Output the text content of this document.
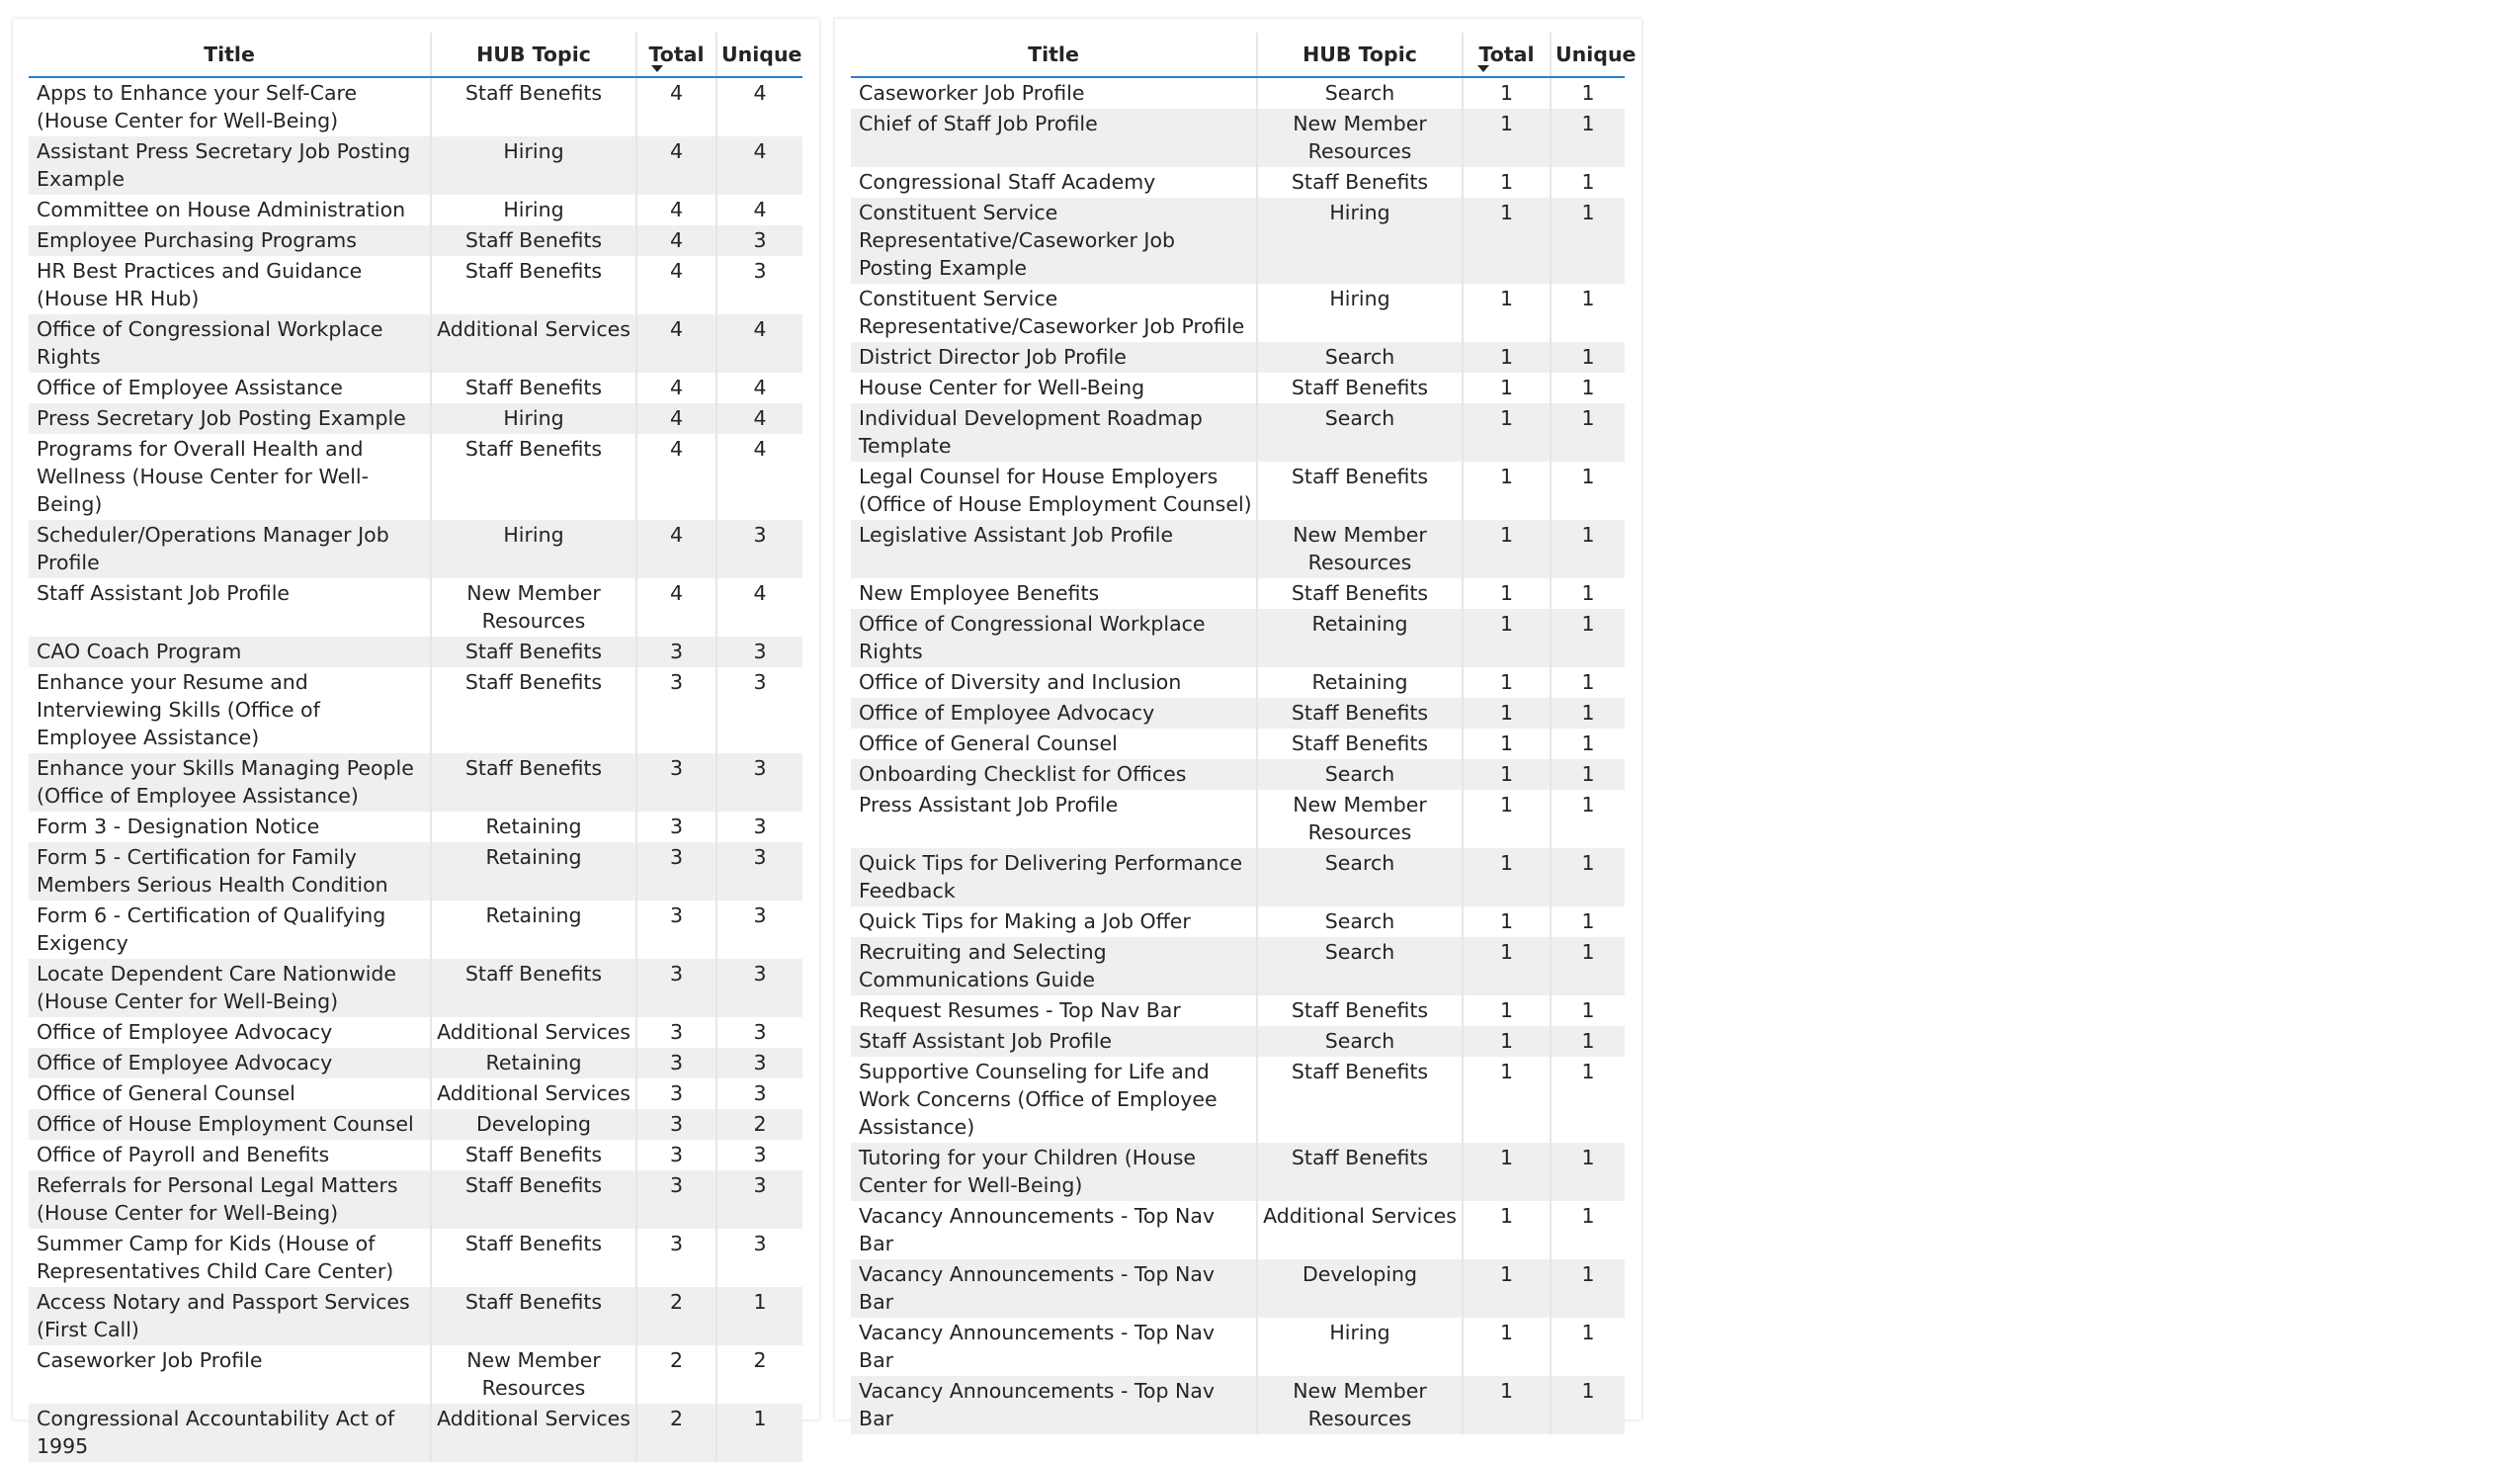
Title	HUB Topic	Total	Unique
Apps to Enhance your Self-Care (House Center for Well-Being)	Staff Benefits	4	4
Assistant Press Secretary Job Posting Example	Hiring	4	4
Committee on House Administration	Hiring	4	4
Employee Purchasing Programs	Staff Benefits	4	3
HR Best Practices and Guidance (House HR Hub)	Staff Benefits	4	3
Office of Congressional Workplace Rights	Additional Services	4	4
Office of Employee Assistance	Staff Benefits	4	4
Press Secretary Job Posting Example	Hiring	4	4
Programs for Overall Health and Wellness (House Center for Well-Being)	Staff Benefits	4	4
Scheduler/Operations Manager Job Profile	Hiring	4	3
Staff Assistant Job Profile	New Member Resources	4	4
CAO Coach Program	Staff Benefits	3	3
Enhance your Resume and Interviewing Skills (Office of Employee Assistance)	Staff Benefits	3	3
Enhance your Skills Managing People (Office of Employee Assistance)	Staff Benefits	3	3
Form 3 - Designation Notice	Retaining	3	3
Form 5 - Certification for Family Members Serious Health Condition	Retaining	3	3
Form 6 - Certification of Qualifying Exigency	Retaining	3	3
Locate Dependent Care Nationwide (House Center for Well-Being)	Staff Benefits	3	3
Office of Employee Advocacy	Additional Services	3	3
Office of Employee Advocacy	Retaining	3	3
Office of General Counsel	Additional Services	3	3
Office of House Employment Counsel	Developing	3	2
Office of Payroll and Benefits	Staff Benefits	3	3
Referrals for Personal Legal Matters (House Center for Well-Being)	Staff Benefits	3	3
Summer Camp for Kids (House of Representatives Child Care Center)	Staff Benefits	3	3
Access Notary and Passport Services (First Call)	Staff Benefits	2	1
Caseworker Job Profile	New Member Resources	2	2
Congressional Accountability Act of 1995	Additional Services	2	1
Title	HUB Topic	Total	Unique
Caseworker Job Profile	Search	1	1
Chief of Staff Job Profile	New Member Resources	1	1
Congressional Staff Academy	Staff Benefits	1	1
Constituent Service Representative/Caseworker Job Posting Example	Hiring	1	1
Constituent Service Representative/Caseworker Job Profile	Hiring	1	1
District Director Job Profile	Search	1	1
House Center for Well-Being	Staff Benefits	1	1
Individual Development Roadmap Template	Search	1	1
Legal Counsel for House Employers (Office of House Employment Counsel)	Staff Benefits	1	1
Legislative Assistant Job Profile	New Member Resources	1	1
New Employee Benefits	Staff Benefits	1	1
Office of Congressional Workplace Rights	Retaining	1	1
Office of Diversity and Inclusion	Retaining	1	1
Office of Employee Advocacy	Staff Benefits	1	1
Office of General Counsel	Staff Benefits	1	1
Onboarding Checklist for Offices	Search	1	1
Press Assistant Job Profile	New Member Resources	1	1
Quick Tips for Delivering Performance Feedback	Search	1	1
Quick Tips for Making a Job Offer	Search	1	1
Recruiting and Selecting Communications Guide	Search	1	1
Request Resumes - Top Nav Bar	Staff Benefits	1	1
Staff Assistant Job Profile	Search	1	1
Supportive Counseling for Life and Work Concerns (Office of Employee Assistance)	Staff Benefits	1	1
Tutoring for your Children (House Center for Well-Being)	Staff Benefits	1	1
Vacancy Announcements - Top Nav Bar	Additional Services	1	1
Vacancy Announcements - Top Nav Bar	Developing	1	1
Vacancy Announcements - Top Nav Bar	Hiring	1	1
Vacancy Announcements - Top Nav Bar	New Member Resources	1	1
